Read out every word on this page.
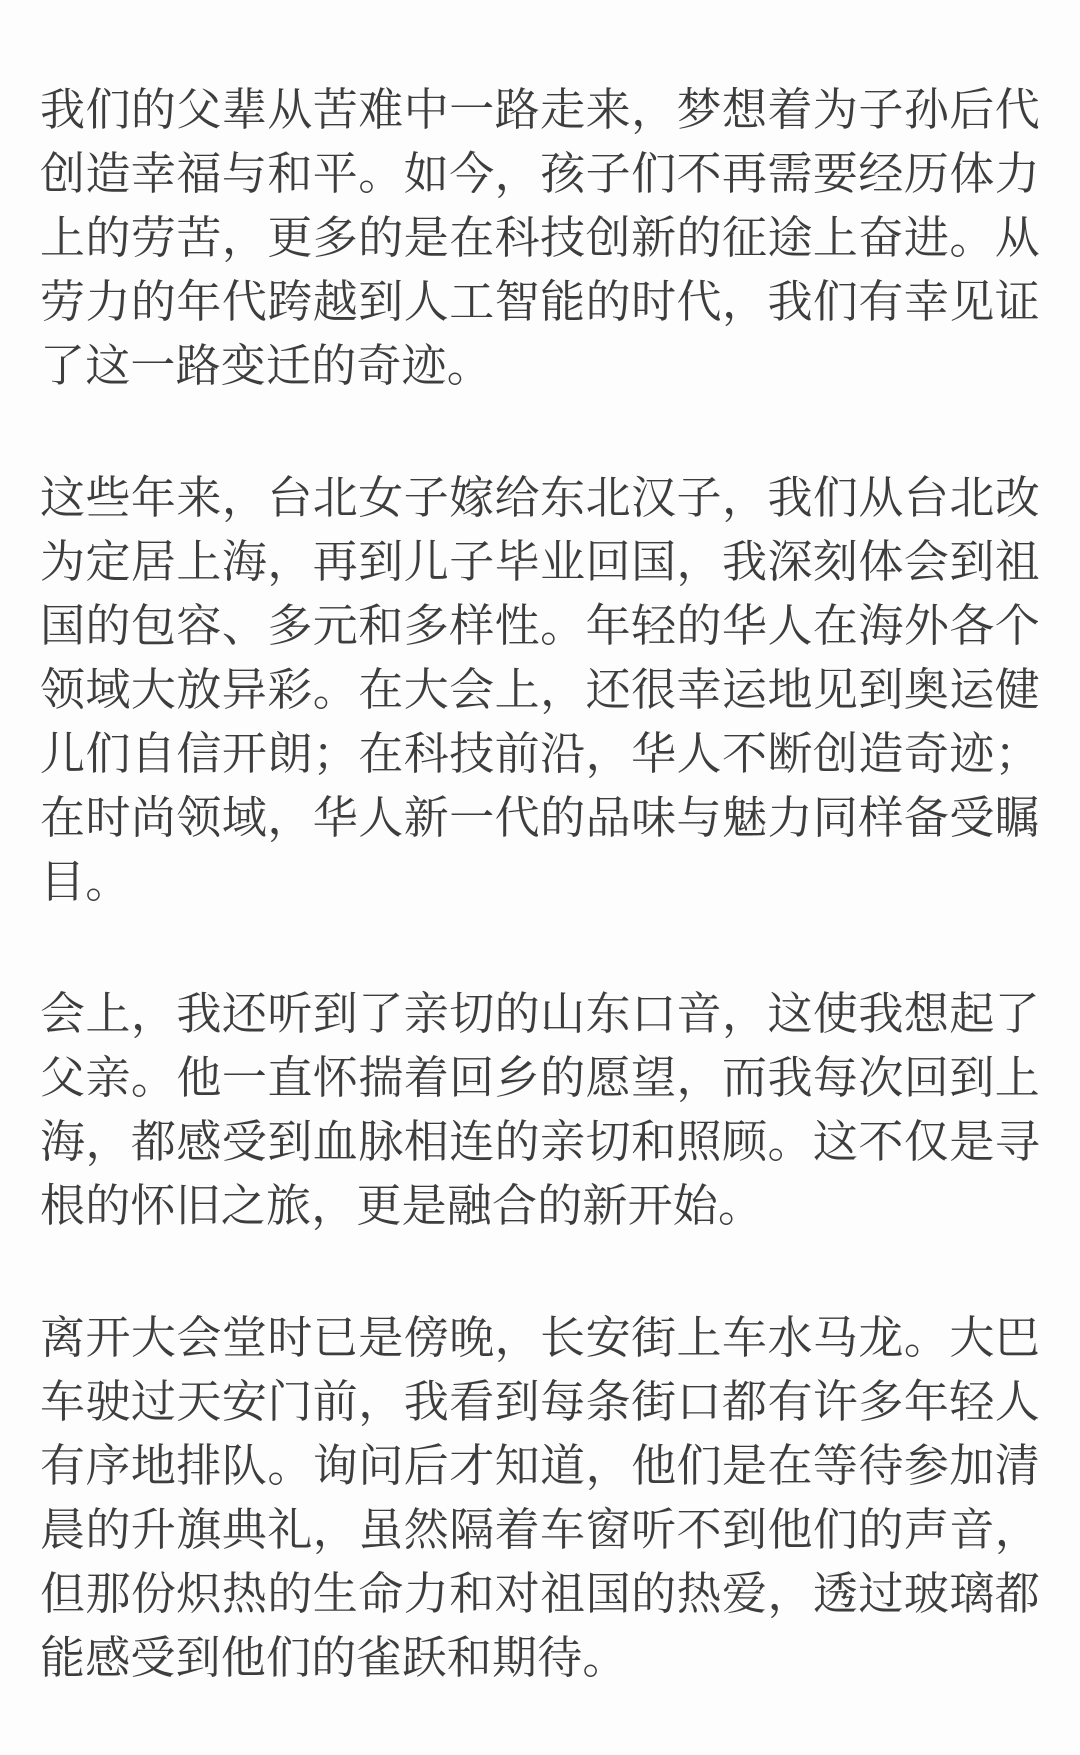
我们的父辈从苦难中一路走来，梦想着为子孙后代
创造幸福与和平。如今，孩子们不再需要经历体力
上的劳苦，更多的是在科技创新的征途上奋进。从
劳力的年代跨越到人工智能的时代，我们有幸见证
了这一路变迁的奇迹。

这些年来，台北女子嫁给东北汉子，我们从台北改
为定居上海，再到儿子毕业回国，我深刻体会到祖
国的包容、多元和多样性。年轻的华人在海外各个
领域大放异彩。在大会上，还很幸运地见到奥运健
儿们自信开朗；在科技前沿，华人不断创造奇迹；
在时尚领域，华人新一代的品味与魅力同样备受瞩
目。

会上，我还听到了亲切的山东口音，这使我想起了
父亲。他一直怀揣着回乡的愿望，而我每次回到上
海，都感受到血脉相连的亲切和照顾。这不仅是寻
根的怀旧之旅，更是融合的新开始。

离开大会堂时已是傍晚，长安街上车水马龙。大巴
车驶过天安门前，我看到每条街口都有许多年轻人
有序地排队。询问后才知道，他们是在等待参加清
晨的升旗典礼，虽然隔着车窗听不到他们的声音，
但那份炽热的生命力和对祖国的热爱，透过玻璃都
能感受到他们的雀跃和期待。
